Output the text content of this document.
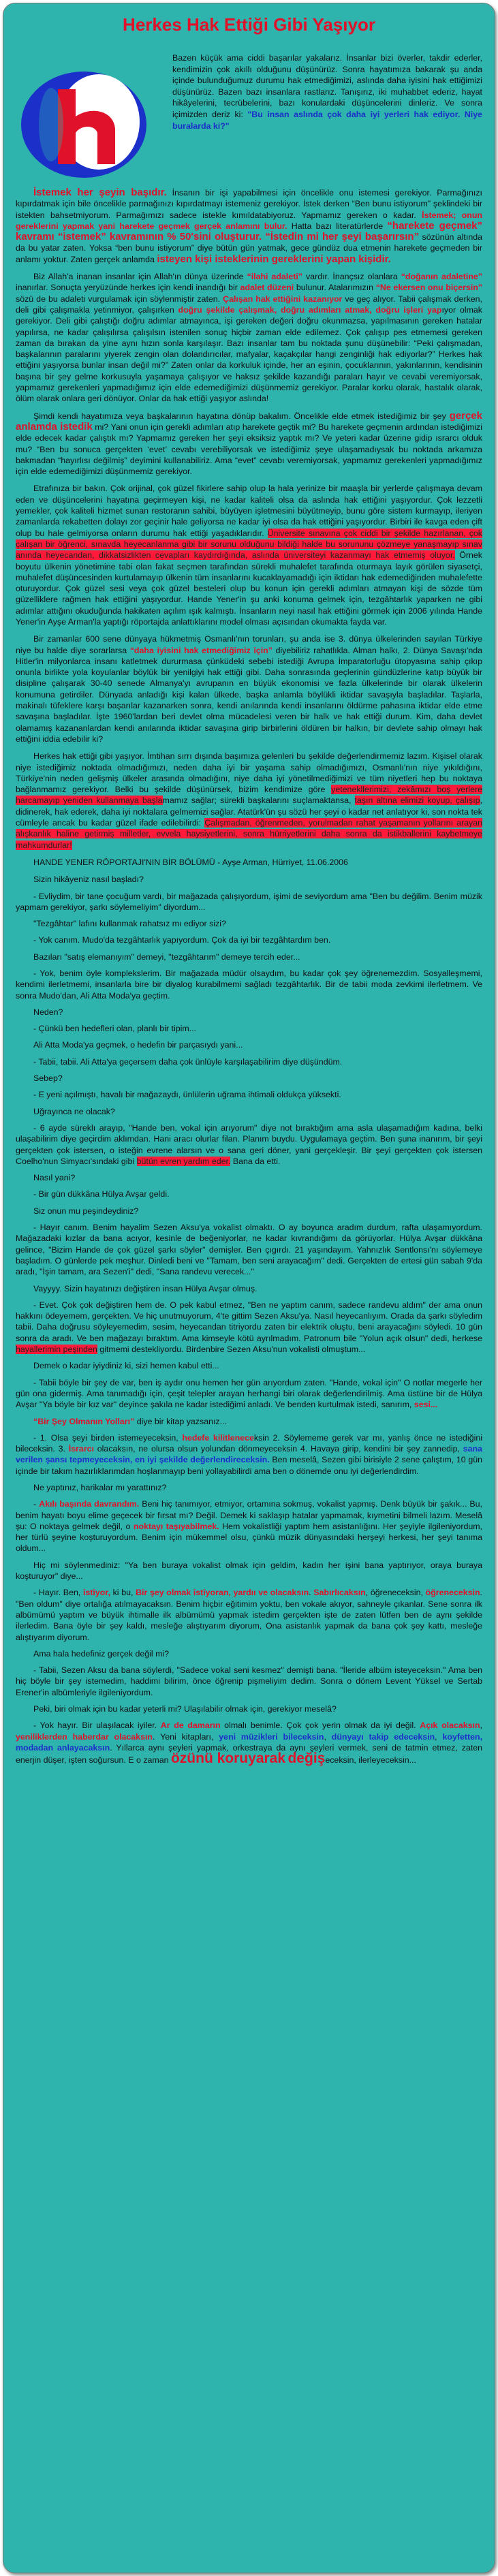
Herkes Hak Ettiği Gibi Yaşıyor
Bazen küçük ama ciddi başarılar yakalarız. İnsanlar bizi överler, takdir ederler, kendimizin çok akıllı olduğunu düşünürüz. Sonra hayatımıza bakarak şu anda içinde bulunduğumuz durumu hak etmediğimizi, aslında daha iyisini hak ettiğimizi düşünürüz. Bazen bazı insanlara rastlarız. Tanışırız, iki muhabbet ederiz, hayat hikâyelerini, tecrübelerini, bazı konulardaki düşüncelerini dinleriz. Ve sonra içimizden deriz ki: "Bu insan aslında çok daha iyi yerleri hak ediyor. Niye buralarda ki?"
İstemek her şeyin başıdır. İnsanın bir işi yapabilmesi için öncelikle onu istemesi gerekiyor. Parmağınızı kıpırdatmak için bile öncelikle parmağınızı kıpırdatmayı istemeniz gerekiyor. İstek derken “Ben bunu istiyorum” şeklindeki bir istekten bahsetmiyorum. Parmağımızı sadece istekle kımıldatabiyoruz. Yapmamız gereken o kadar. İstemek; onun gereklerini yapmak yani harekete geçmek gerçek anlamını bulur. Hatta bazı literatürlerde “harekete geçmek” kavramı “istemek” kavramının % 50'sini oluşturur. “İstedin mi her şeyi başarırsın” sözünün altında da bu yatar zaten. Yoksa “ben bunu istiyorum” diye bütün gün yatmak, gece gündüz dua etmenin harekete geçmeden bir anlamı yoktur. Zaten gerçek anlamda isteyen kişi isteklerinin gereklerini yapan kişidir.
Biz Allah'a inanan insanlar için Allah'ın dünya üzerinde “ilahi adaleti” vardır. İnançsız olanlara “doğanın adaletine” inanırlar. Sonuçta yeryüzünde herkes için kendi inandığı bir adalet düzeni bulunur. Atalarımızın “Ne ekersen onu biçersin” sözü de bu adaleti vurgulamak için söylenmiştir zaten. Çalışan hak ettiğini kazanıyor ve geç alıyor. Tabii çalışmak derken, deli gibi çalışmakla yetinmiyor, çalışırken doğru şekilde çalışmak, doğru adımları atmak, doğru işleri yapıyor olmak gerekiyor. Deli gibi çalıştığı doğru adımlar atmayınca, işi gereken değeri doğru okunmazsa, yapılmasının gereken hatalar yapılırsa, ne kadar çalışılırsa çalışılsın istenilen sonuç hiçbir zaman elde edilemez. Çok çalışıp pes etmemesi gereken zaman da bırakan da yine aynı hızın sonla karşılaşır. Bazı insanlar tam bu noktada şunu düşünebilir: “Peki çalışmadan, başkalarının paralarını yiyerek zengin olan dolandırıcılar, mafyalar, kaçakçılar hangi zenginliği hak ediyorlar?” Herkes hak ettiğini yaşıyorsa bunlar insan değil mi?” Zaten onlar da korkuluk içinde, her an eşinin, çocuklarının, yakınlarının, kendisinin başına bir şey gelme korkusuyla yaşamaya çalışıyor ve haksız şekilde kazandığı paraları hayır ve cevabi veremiyorsak, yapmamız gerekenleri yapmadığımız için elde edemediğimizi düşünmemiz gerekiyor. Paralar korku olarak, hastalık olarak, ölüm olarak onlara geri dönüyor. Onlar da hak ettiği yaşıyor aslında!
Şimdi kendi hayatımıza veya başkalarının hayatına dönüp bakalım. Öncelikle elde etmek istediğimiz bir şey gerçek anlamda istedik mi? Yani onun için gerekli adımları atıp harekete geçtik mi? Bu harekete geçmenin ardından istediğimizi elde edecek kadar çalıştık mı? Yapmamız gereken her şeyi eksiksiz yaptık mı? Ve yeteri kadar üzerine gidip ısrarcı olduk mu? “Ben bu sonuca gerçekten ‘evet’ cevabı verebiliyorsak ve istediğimiz şeye ulaşamadıysak bu noktada arkamıza bakmadan “hayırlısı değilmiş” deyimini kullanabiliriz. Ama “evet” cevabı veremiyorsak, yapmamız gerekenleri yapmadığımız için elde edemediğimizi düşünmemiz gerekiyor.
Etrafınıza bir bakın. Çok orijinal, çok güzel fikirlere sahip olup la hala yerinize bir maaşla bir yerlerde çalışmaya devam eden ve düşüncelerini hayatına geçirmeyen kişi, ne kadar kaliteli olsa da aslında hak ettiğini yaşıyordur. Çok lezzetli yemekler, çok kaliteli hizmet sunan restoranın sahibi, büyüyen işletmesini büyütmeyip, bunu göre sistem kurmayıp, ileriyen zamanlarda rekabetten dolayı zor geçinir hale geliyorsa ne kadar iyi olsa da hak ettiğini yaşıyordur. Birbiri ile kavga eden çift olup bu hale gelmiyorsa onların durumu hak ettiği yaşadıklarıdır. Üniversite sınavına çok ciddi bir şekilde hazırlanan, çok çalışan bir öğrenci, sınavda heyecanlanma gibi bir sorunu olduğunu bildiği halde bu sorununu çözmeye yanaşmayıp sınav anında heyecandan, dikkatsizlikten cevapları kaydırdığında, aslında üniversiteyi kazanmayı hak etmemiş oluyor. Örnek boyutu ülkenin yönetimine tabi olan fakat seçmen tarafından sürekli muhalefet tarafında oturmaya layık görülen siyasetçi, muhalefet düşüncesinden kurtulamayıp ülkenin tüm insanlarını kucaklayamadığı için iktidarı hak edemediğinden muhalefette oturuyordur. Çok güzel sesi veya çok güzel besteleri olup bu konun için gerekli adımları atmayan kişi de sözde tüm güzelliklere rağmen hak ettiğini yaşıyordur. Hande Yener'in şu anki konuma gelmek için, tezgâhtarlık yaparken ne gibi adımlar attığını okuduğunda hakikaten açılım ışık kalmıştı. İnsanların neyi nasıl hak ettiğini görmek için 2006 yılında Hande Yener'in Ayşe Arman'la yaptığı röportajda anlattıklarını model olması açısından okumakta fayda var.
Bir zamanlar 600 sene dünyaya hükmetmiş Osmanlı'nın torunları, şu anda ise 3. dünya ülkelerinden sayılan Türkiye niye bu halde diye sorarlarsa “daha iyisini hak etmediğimiz için” diyebiliriz rahatlıkla. Alman halkı, 2. Dünya Savaşı'nda Hitler'in milyonlarca insanı katletmek dururmasa çünküdeki sebebi istediği Avrupa İmparatorluğu ütopyasına sahip çıkıp onunla birlikte yola koyulanlar böylük bir yenilgiyi hak ettiği gibi. Daha sonrasında geçlerinin gündüzlerine katıp büyük bir disipline çalışarak 30-40 senede Almanya'yı avrupanın en büyük ekonomisi ve fazla ülkelerinde bir olarak ülkelerin konumuna getirdiler. Dünyada anladığı kişi kalan ülkede, başka anlamla böylükli iktidar savaşıyla başladılar. Taşlarla, makinalı tüfeklere karşı başarılar kazanarken sonra, kendi anılarında kendi insanlarını öldürme pahasına iktidar elde etme savaşına başladılar. İşte 1960'lardan beri devlet olma mücadelesi veren bir halk ve hak ettiği durum. Kim, daha devlet olamamış kazananlardan kendi anılarında iktidar savaşına girip birbirlerini öldüren bir halkın, bir devlete sahip olmayı hak ettiğini iddia edebilir ki?
Herkes hak ettiği gibi yaşıyor. İmtihan sırrı dışında başımıza gelenleri bu şekilde değerlendirmemiz lazım. Kişisel olarak niye istediğimiz noktada olmadığımızı, neden daha iyi bir yaşama sahip olmadığımızı, Osmanlı'nın niye yıkıldığını, Türkiye'nin neden gelişmiş ülkeler arasında olmadığını, niye daha iyi yönetilmediğimizi ve tüm niyetleri hep bu noktaya bağlanmamız gerekiyor. Belki bu şekilde düşünürsek, bizim kendimize göre yetenekllerimizi, zekâmızı boş yerlere harcamayıp yeniden kullanmaya başlamamız sağlar; sürekli başkalarını suçlamaktansa, taşın altına elimizi koyup, çalışıp, didinerek, hak ederek, daha iyi noktalara gelmemizi sağlar. Atatürk'ün şu sözü her şeyi o kadar net anlatıyor ki, son nokta tek cümleyle ancak bu kadar güzel ifade edilebilirdi: Çalışmadan, öğrenmeden, yorulmadan rahat yaşamanın yollarını arayan alışkanlık haline getirmiş milletler, evvela haysiyetlerini, sonra hürriyetlerini daha sonra da istikballerini kaybetmeye mahkumdurlar!
HANDE YENER RÖPORTAJI'NIN BİR BÖLÜMÜ - Ayşe Arman, Hürriyet, 11.06.2006
Sizin hikâyeniz nasıl başladı?
- Evliydim, bir tane çocuğum vardı, bir mağazada çalışıyordum, işimi de seviyordum ama "Ben bu değilim. Benim müzik yapmam gerekiyor, şarkı söylemeliyim" diyordum...
"Tezgâhtar" lafını kullanmak rahatsız mı ediyor sizi?
- Yok canım. Mudo'da tezgâhtarlık yapıyordum. Çok da iyi bir tezgâhtardım ben.
Bazıları "satış elemanıyım" demeyi, "tezgâhtarım" demeye tercih eder...
- Yok, benim öyle komplekslerim. Bir mağazada müdür olsaydım, bu kadar çok şey öğrenemezdim. Sosyalleşmemi, kendimi ilerletmemi, insanlarla bire bir diyalog kurabilmemi sağladı tezgâhtarlık. Bir de tabii moda zevkimi ilerletmem. Ve sonra Mudo'dan, Ali Atta Moda'ya geçtim.
Neden?
- Çünkü ben hedefleri olan, planlı bir tipim...
Ali Atta Moda'ya geçmek, o hedefin bir parçasıydı yani...
- Tabii, tabii. Ali Atta'ya geçersem daha çok ünlüyle karşılaşabilirim diye düşündüm.
Sebep?
- E yeni açılmıştı, havalı bir mağazaydı, ünlülerin uğrama ihtimali oldukça yüksekti.
Uğrayınca ne olacak?
- 6 ayde süreklı arayıp, "Hande ben, vokal için arıyorum" diye not bıraktığım ama asla ulaşamadığım kadına, belki ulaşabilirim diye geçirdim aklımdan. Hani aracı olurlar filan. Planım buydu. Uygulamaya geçtim. Ben şuna inanırım, bir şeyi gerçekten çok istersen, o isteğin evrene alarsın ve o sana geri döner, yani gerçekleşir. Bir şeyi gerçekten çok istersen Coelho'nun Simyacı'sındaki gibi bütün evren yardım eder. Bana da etti.
Nasıl yani?
- Bir gün dükkâna Hülya Avşar geldi.
Siz onun mu peşindeydiniz?
- Hayır canım. Benim hayalim Sezen Aksu'ya vokalist olmaktı. O ay boyunca aradım durdum, rafta ulaşamıyordum. Mağazadaki kızlar da bana acıyor, kesinle de beğeniyorlar, ne kadar kıvrandığımı da görüyorlar. Hülya Avşar dükkâna gelince, "Bizim Hande de çok güzel şarkı söyler" demişler. Ben çıgırdı. 21 yaşındayım. Yahnızlık Sentlonsı'nı söylemeye başladım. O günlerde pek meşhur. Dinledi beni ve "Tamam, ben seni arayacağım" dedi. Gerçekten de ertesi gün sabah 9'da aradı, "İşin tamam, ara Sezen'i" dedi, "Sana randevu verecek..."
Vayyyy. Sizin hayatınızı değiştiren insan Hülya Avşar olmuş.
- Evet. Çok çok değiştiren hem de. O pek kabul etmez, "Ben ne yaptım canım, sadece randevu aldım" der ama onun hakkını ödeyemem, gerçekten. Ve hiç unutmuyorum, 4'te gittim Sezen Aksu'ya. Nasıl heyecanlıyım. Orada da şarkı söyledim tabii. Daha doğrusu söyleyemedim, sesim, heyecandan titriyordu zaten bir elektrik oluştu, beni arayacağını söyledi. 10 gün sonra da aradı. Ve ben mağazayı bıraktım. Ama kimseyle kötü ayrılmadım. Patronum bile "Yolun açık olsun" dedi, herkese hayallerimin peşinden gitmemi destekliyordu. Birdenbire Sezen Aksu'nun vokalisti olmuştum...
Demek o kadar iyiydiniz ki, sizi hemen kabul etti...
- Tabii böyle bir şey de var, ben iş aydır onu hemen her gün arıyordum zaten. "Hande, vokal için" O notlar megerle her gün ona gidermiş. Ama tanımadığı için, çeşit telepler arayan herhangi biri olarak değerlendirilmiş. Ama üstüne bir de Hülya Avşar "Ya böyle bir kız var" deyince şakıla ne kadar istediğimi anladı. Ve benden kurtulmak istedi, sanırım, sesi...
“Bir Şey Olmanın Yolları” diye bir kitap yazsanız...
- 1. Olsa şeyi birden istemeyeceksin, hedefe kilitleneceksin 2. Söylememe gerek var mı, yanlış önce ne istediğini bileceksin. 3. İsrarcı olacaksın, ne olursa olsun yolundan dönmeyeceksin 4. Havaya girip, kendini bir şey zannedip, sana verilen şansı tepmeyeceksin, en iyi şekilde değerlendireceksin. Ben meselâ, Sezen gibi birisiyle 2 sene çalıştım, 10 gün içinde bir takım hazırlıklarımdan hoşlanmayıp beni yollayabilirdi ama ben o dönemde onu iyi değerlendirdim.
Ne yaptınız, harikalar mı yarattınız?
- Akılı başında davrandım. Beni hiç tanımıyor, etmiyor, ortamına sokmuş, vokalist yapmış. Denk büyük bir şakık... Bu, benim hayatı boyu elime geçecek bir fırsat mı? Değil. Demek ki saklaşıp hatalar yapmamak, kıymetini bilmeli lazım. Meselâ şu: O noktaya gelmek değil, o noktayı taşıyabilmek. Hem vokalistliği yaptım hem asistanlığını. Her şeyiyle ilgileniyordum, her türlü şeyine koşturuyordum. Benim için mükemmel olsu, çünkü müzik dünyasındaki herşeyi herkesi, her şeyi tanıma oldum...
Hiç mi söylenmediniz: "Ya ben buraya vokalist olmak için geldim, kadın her işini bana yaptırıyor, oraya buraya koşturuyor" diye...
- Hayır. Ben, istiyor, ki bu, Bir şey olmak istiyoran, yardıı ve olacaksın. Sabırlıcaksın, öğreneceksin, öğreneceksin. "Ben oldum" diye ortalığa atılmayacaksın. Benim hiçbir eğitimim yoktu, ben vokale akıyor, sahneyle çıkanlar. Sene sonra ilk albümümü yaptım ve büyük ihtimalle ilk albümümü yapmak istedim gerçekten işte de zaten lütfen ben de aynı şekilde ilerledim. Bana öyle bir şey kaldı, mesleğe alıştıyarım diyorum, Ona asistanlık yapmak da bana çok şey kattı, mesleğe alıştıyarım diyorum.
Ama hala hedefiniz gerçek değil mi?
- Tabii, Sezen Aksu da bana söylerdi, "Sadece vokal seni kesmez" demişti bana. "İleride albüm isteyeceksin." Ama ben hiç böyle bir şey istemedim, haddimi bilirim, önce öğrenip pişmeliyim dedim. Sonra o dönem Levent Yüksel ve Sertab Erener'in albümleriyle ilgileniyordum.
Peki, biri olmak için bu kadar yeterli mi? Ulaşılabilir olmak için, gerekiyor meselâ?
- Yok hayır. Bir ulaşılacak iyiler. Ar de damarın olmalı benimle. Çok çok yerin olmak da iyi değil. Açık olacaksın, yeniliklerden haberdar olacaksın. Yeni kitapları, yeni müzikleri bileceksin, dünyayı takip edeceksin, koyfetten, modadan anlayacaksın. Yıllarca aynı şeyleri yapmak, orkestraya da aynı şeyleri vermek, seni de tatmin etmez, zaten enerjin düşer, işten soğursun. E o zaman özünü koruyarak değişeceksin, ilerleyeceksin...
